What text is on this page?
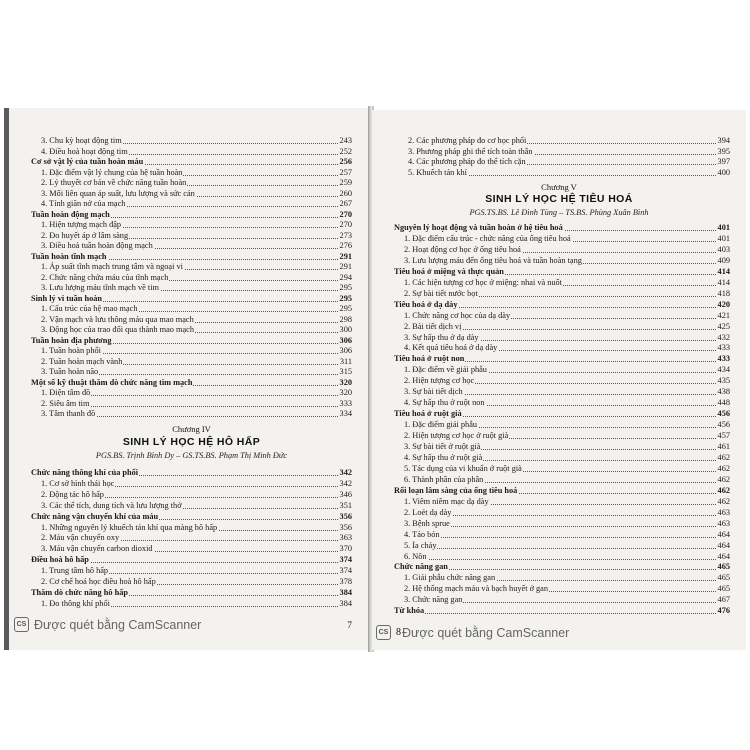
3. Chu kỳ hoạt động tim	243
4. Điều hoà hoạt động tim	252
Cơ sở vật lý của tuần hoàn máu	256
1. Đặc điểm vật lý chung của hệ tuần hoàn	257
2. Lý thuyết cơ bản về chức năng tuần hoàn	259
3. Mối liên quan áp suất, lưu lượng và sức cản	260
4. Tính giãn nở của mạch	267
Tuần hoàn động mạch	270
1. Hiện tượng mạch đập	270
2. Đo huyết áp ở lâm sàng	273
3. Điều hoà tuần hoàn động mạch	276
Tuần hoàn tĩnh mạch	291
1. Áp suất tĩnh mạch trung tâm và ngoại vi	291
2. Chức năng chứa máu của tĩnh mạch	294
3. Lưu lượng máu tĩnh mạch về tim	295
Sinh lý vi tuần hoàn	295
1. Cấu trúc của hệ mao mạch	295
2. Vận mạch và lưu thông máu qua mao mạch	298
3. Động học của trao đổi qua thành mao mạch	300
Tuần hoàn địa phương	306
1. Tuần hoàn phổi	306
2. Tuần hoàn mạch vành	311
3. Tuần hoàn não	315
Một số kỹ thuật thăm dò chức năng tim mạch	320
1. Điện tâm đồ	320
2. Siêu âm tim	333
3. Tâm thanh đồ	334
Chức năng thông khí của phổi	342
1. Cơ sở hình thái học	342
2. Động tác hô hấp	346
3. Các thể tích, dung tích và lưu lượng thở	351
Chức năng vận chuyển khí của máu	356
1. Những nguyên lý khuếch tán khí qua màng hô hấp	356
2. Máu vận chuyển oxy	363
3. Máu vận chuyển carbon dioxid	370
Điều hoà hô hấp	374
1. Trung tâm hô hấp	374
2. Cơ chế hoá học điều hoà hô hấp	378
Thăm dò chức năng hô hấp	384
1. Đo thông khí phổi	384
Chương IV
SINH LÝ HỌC HỆ HÔ HẤP
PGS.BS. Trịnh Bỉnh Dy – GS.TS.BS. Phạm Thị Minh Đức
7
2. Các phương pháp đo cơ học phổi	394
3. Phương pháp ghi thể tích toàn thân	395
4. Các phương pháp đo thể tích cặn	397
5. Khuếch tán khí	400
Nguyên lý hoạt động và tuần hoàn ở hệ tiêu hoá	401
1. Đặc điểm cấu trúc - chức năng của ống tiêu hoá	401
2. Hoạt động cơ học ở ống tiêu hoá	403
3. Lưu lượng máu đến ống tiêu hoá và tuần hoàn tạng	409
Tiêu hoá ở miệng và thực quản	414
1. Các hiện tượng cơ học ở miệng: nhai và nuốt	414
2. Sự bài tiết nước bọt	418
Tiêu hoá ở dạ dày	420
1. Chức năng cơ học của dạ dày	421
2. Bài tiết dịch vị	425
3. Sự hấp thu ở dạ dày	432
4. Kết quả tiêu hoá ở dạ dày	433
Tiêu hoá ở ruột non	433
1. Đặc điểm về giải phẫu	434
2. Hiện tượng cơ học	435
3. Sự bài tiết dịch	438
4. Sự hấp thu ở ruột non	448
Tiêu hoá ở ruột già	456
1. Đặc điểm giải phẫu	456
2. Hiện tượng cơ học ở ruột già	457
3. Sự bài tiết ở ruột già	461
4. Sự hấp thu ở ruột già	462
5. Tác dụng của vi khuẩn ở ruột già	462
6. Thành phần của phân	462
Rối loạn lâm sàng của ống tiêu hoá	462
1. Viêm niêm mạc dạ dày	462
2. Loét dạ dày	463
3. Bệnh sprue	463
4. Táo bón	464
5. Ỉa chảy	464
6. Nôn	464
Chức năng gan	465
1. Giải phẫu chức năng gan	465
2. Hệ thống mạch máu và bạch huyết ở gan	465
3. Chức năng gan	467
Từ khóa	476
Chương V
SINH LÝ HỌC HỆ TIÊU HOÁ
PGS.TS.BS. Lê Đình Tùng – TS.BS. Phùng Xuân Bình
CS Được quét bằng CamScanner
CS 8 Được quét bằng CamScanner
